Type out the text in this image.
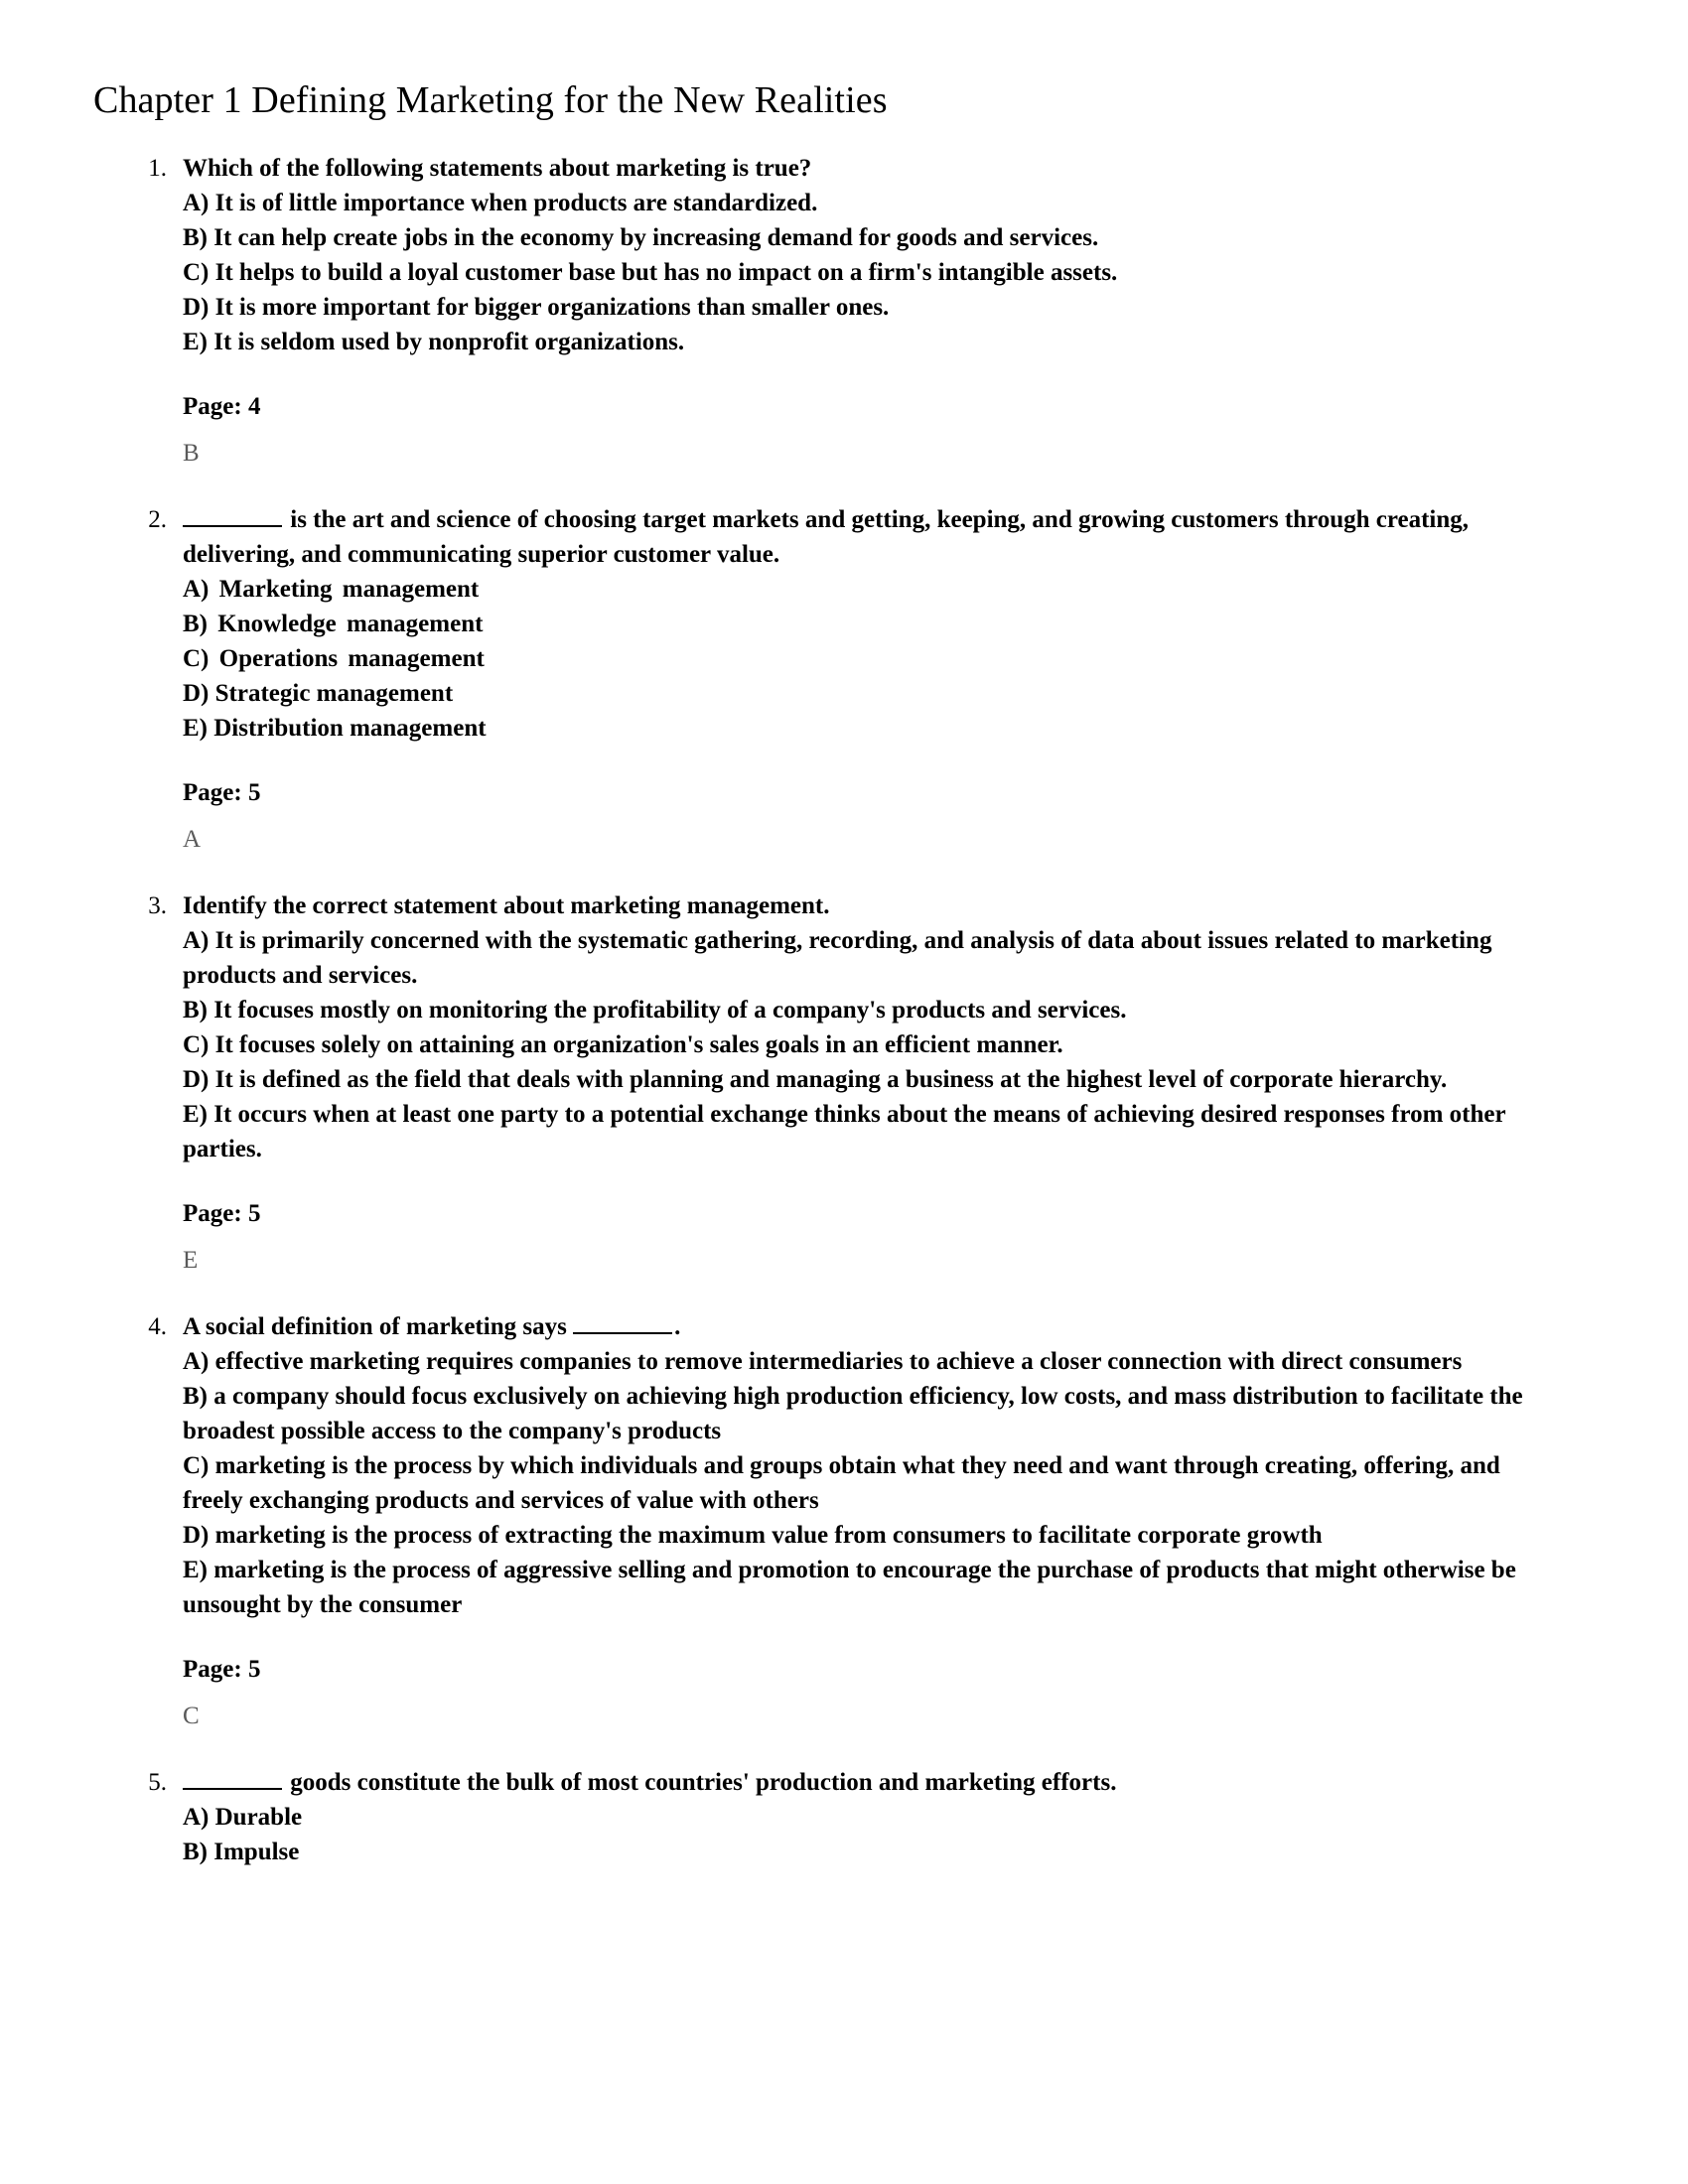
Chapter 1 Defining Marketing for the New Realities
1. Which of the following statements about marketing is true?
A) It is of little importance when products are standardized.
B) It can help create jobs in the economy by increasing demand for goods and services.
C) It helps to build a loyal customer base but has no impact on a firm's intangible assets.
D) It is more important for bigger organizations than smaller ones.
E) It is seldom used by nonprofit organizations.
Page: 4
B
2.	is the art and science of choosing target markets and getting, keeping, and growing customers through creating, delivering, and communicating superior customer value.
A) Marketing management
B) Knowledge management
C) Operations management
D) Strategic management
E) Distribution management
Page: 5
A
3. Identify the correct statement about marketing management.
A) It is primarily concerned with the systematic gathering, recording, and analysis of data about issues related to marketing products and services.
B) It focuses mostly on monitoring the profitability of a company's products and services.
C) It focuses solely on attaining an organization's sales goals in an efficient manner.
D) It is defined as the field that deals with planning and managing a business at the highest level of corporate hierarchy.
E) It occurs when at least one party to a potential exchange thinks about the means of achieving desired responses from other parties.
Page: 5
E
4. A social definition of marketing says	.
A) effective marketing requires companies to remove intermediaries to achieve a closer connection with direct consumers
B) a company should focus exclusively on achieving high production efficiency, low costs, and mass distribution to facilitate the broadest possible access to the company's products
C) marketing is the process by which individuals and groups obtain what they need and want through creating, offering, and freely exchanging products and services of value with others
D) marketing is the process of extracting the maximum value from consumers to facilitate corporate growth
E) marketing is the process of aggressive selling and promotion to encourage the purchase of products that might otherwise be unsought by the consumer
Page: 5
C
5.	goods constitute the bulk of most countries' production and marketing efforts.
A) Durable
B) Impulse
